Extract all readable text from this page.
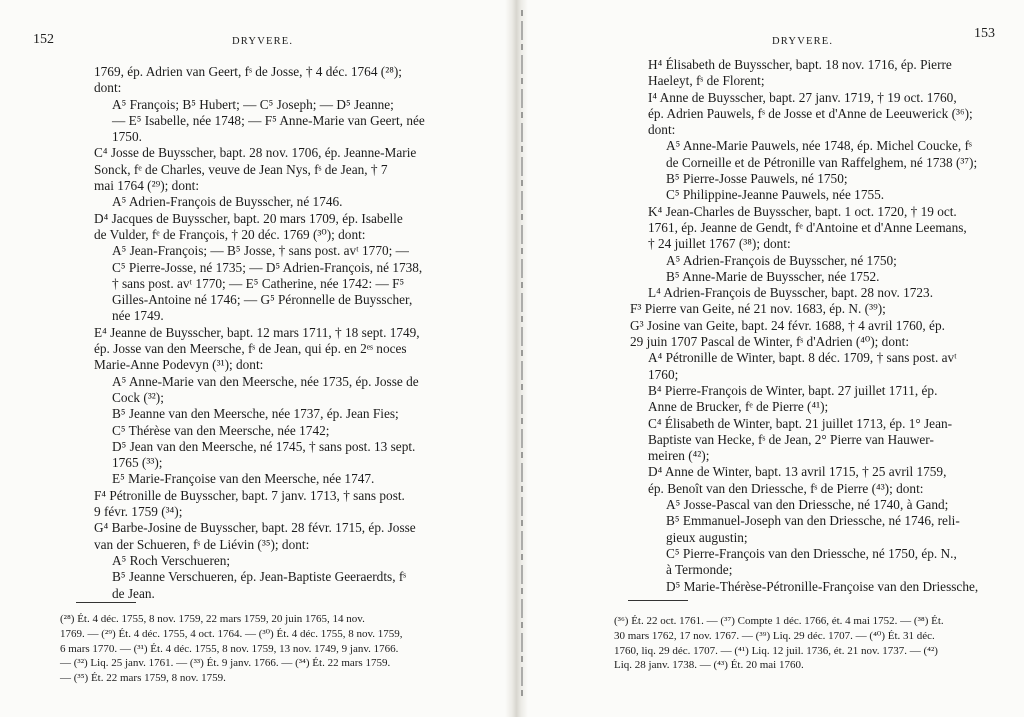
152	DRYVERE.
1769, ép. Adrien van Geert, fˢ de Josse, † 4 déc. 1764 (²⁸);
dont:
A⁵ François; B⁵ Hubert; — C⁵ Joseph; — D⁵ Jeanne;
— E⁵ Isabelle, née 1748; — F⁵ Anne-Marie van Geert, née
1750.
C⁴ Josse de Buysscher, bapt. 28 nov. 1706, ép. Jeanne-Marie
Sonck, fᵉ de Charles, veuve de Jean Nys, fˢ de Jean, † 7
mai 1764 (²⁹); dont:
A⁵ Adrien-François de Buysscher, né 1746.
D⁴ Jacques de Buysscher, bapt. 20 mars 1709, ép. Isabelle
de Vulder, fᵉ de François, † 20 déc. 1769 (³⁰); dont:
A⁵ Jean-François; — B⁵ Josse, † sans post. avᵗ 1770; —
C⁵ Pierre-Josse, né 1735; — D⁵ Adrien-François, né 1738,
† sans post. avᵗ 1770; — E⁵ Catherine, née 1742: — F⁵
Gilles-Antoine né 1746; — G⁵ Péronnelle de Buysscher,
née 1749.
E⁴ Jeanne de Buysscher, bapt. 12 mars 1711, † 18 sept. 1749,
ép. Josse van den Meersche, fˢ de Jean, qui ép. en 2ᵉˢ noces
Marie-Anne Podevyn (³¹); dont:
A⁵ Anne-Marie van den Meersche, née 1735, ép. Josse de
Cock (³²);
B⁵ Jeanne van den Meersche, née 1737, ép. Jean Fies;
C⁵ Thérèse van den Meersche, née 1742;
D⁵ Jean van den Meersche, né 1745, † sans post. 13 sept.
1765 (³³);
E⁵ Marie-Françoise van den Meersche, née 1747.
F⁴ Pétronille de Buysscher, bapt. 7 janv. 1713, † sans post.
9 févr. 1759 (³⁴);
G⁴ Barbe-Josine de Buysscher, bapt. 28 févr. 1715, ép. Josse
van der Schueren, fˢ de Liévin (³⁵); dont:
A⁵ Roch Verschueren;
B⁵ Jeanne Verschueren, ép. Jean-Baptiste Geeraerdts, fˢ
de Jean.
(²⁸) Ét. 4 déc. 1755, 8 nov. 1759, 22 mars 1759, 20 juin 1765, 14 nov.
1769. — (²⁹) Ét. 4 déc. 1755, 4 oct. 1764. — (³⁰) Ét. 4 déc. 1755, 8 nov. 1759,
6 mars 1770. — (³¹) Ét. 4 déc. 1755, 8 nov. 1759, 13 nov. 1749, 9 janv. 1766.
— (³²) Liq. 25 janv. 1761. — (³³) Ét. 9 janv. 1766. — (³⁴) Ét. 22 mars 1759.
— (³⁵) Ét. 22 mars 1759, 8 nov. 1759.
DRYVERE.
153
H⁴ Élisabeth de Buysscher, bapt. 18 nov. 1716, ép. Pierre
Haeleyt, fˢ de Florent;
I⁴ Anne de Buysscher, bapt. 27 janv. 1719, † 19 oct. 1760,
ép. Adrien Pauwels, fˢ de Josse et d'Anne de Leeuwerick (³⁶);
dont:
A⁵ Anne-Marie Pauwels, née 1748, ép. Michel Coucke, fˢ
de Corneille et de Pétronille van Raffelghem, né 1738 (³⁷);
B⁵ Pierre-Josse Pauwels, né 1750;
C⁵ Philippine-Jeanne Pauwels, née 1755.
K⁴ Jean-Charles de Buysscher, bapt. 1 oct. 1720, † 19 oct.
1761, ép. Jeanne de Gendt, fᵉ d'Antoine et d'Anne Leemans,
† 24 juillet 1767 (³⁸); dont:
A⁵ Adrien-François de Buysscher, né 1750;
B⁵ Anne-Marie de Buysscher, née 1752.
L⁴ Adrien-François de Buysscher, bapt. 28 nov. 1723.
F³ Pierre van Geite, né 21 nov. 1683, ép. N. (³⁹);
G³ Josine van Geite, bapt. 24 févr. 1688, † 4 avril 1760, ép.
29 juin 1707 Pascal de Winter, fˢ d'Adrien (⁴⁰); dont:
A⁴ Pétronille de Winter, bapt. 8 déc. 1709, † sans post. avᵗ
1760;
B⁴ Pierre-François de Winter, bapt. 27 juillet 1711, ép.
Anne de Brucker, fᵉ de Pierre (⁴¹);
C⁴ Élisabeth de Winter, bapt. 21 juillet 1713, ép. 1° Jean-
Baptiste van Hecke, fˢ de Jean, 2° Pierre van Hauwer-
meiren (⁴²);
D⁴ Anne de Winter, bapt. 13 avril 1715, † 25 avril 1759,
ép. Benoît van den Driessche, fˢ de Pierre (⁴³); dont:
A⁵ Josse-Pascal van den Driessche, né 1740, à Gand;
B⁵ Emmanuel-Joseph van den Driessche, né 1746, reli-
gieux augustin;
C⁵ Pierre-François van den Driessche, né 1750, ép. N.,
à Termonde;
D⁵ Marie-Thérèse-Pétronille-Françoise van den Driessche,
(³⁶) Ét. 22 oct. 1761. — (³⁷) Compte 1 déc. 1766, ét. 4 mai 1752. — (³⁸) Ét.
30 mars 1762, 17 nov. 1767. — (³⁹) Liq. 29 déc. 1707. — (⁴⁰) Ét. 31 déc.
1760, liq. 29 déc. 1707. — (⁴¹) Liq. 12 juil. 1736, ét. 21 nov. 1737. — (⁴²)
Liq. 28 janv. 1738. — (⁴³) Ét. 20 mai 1760.
